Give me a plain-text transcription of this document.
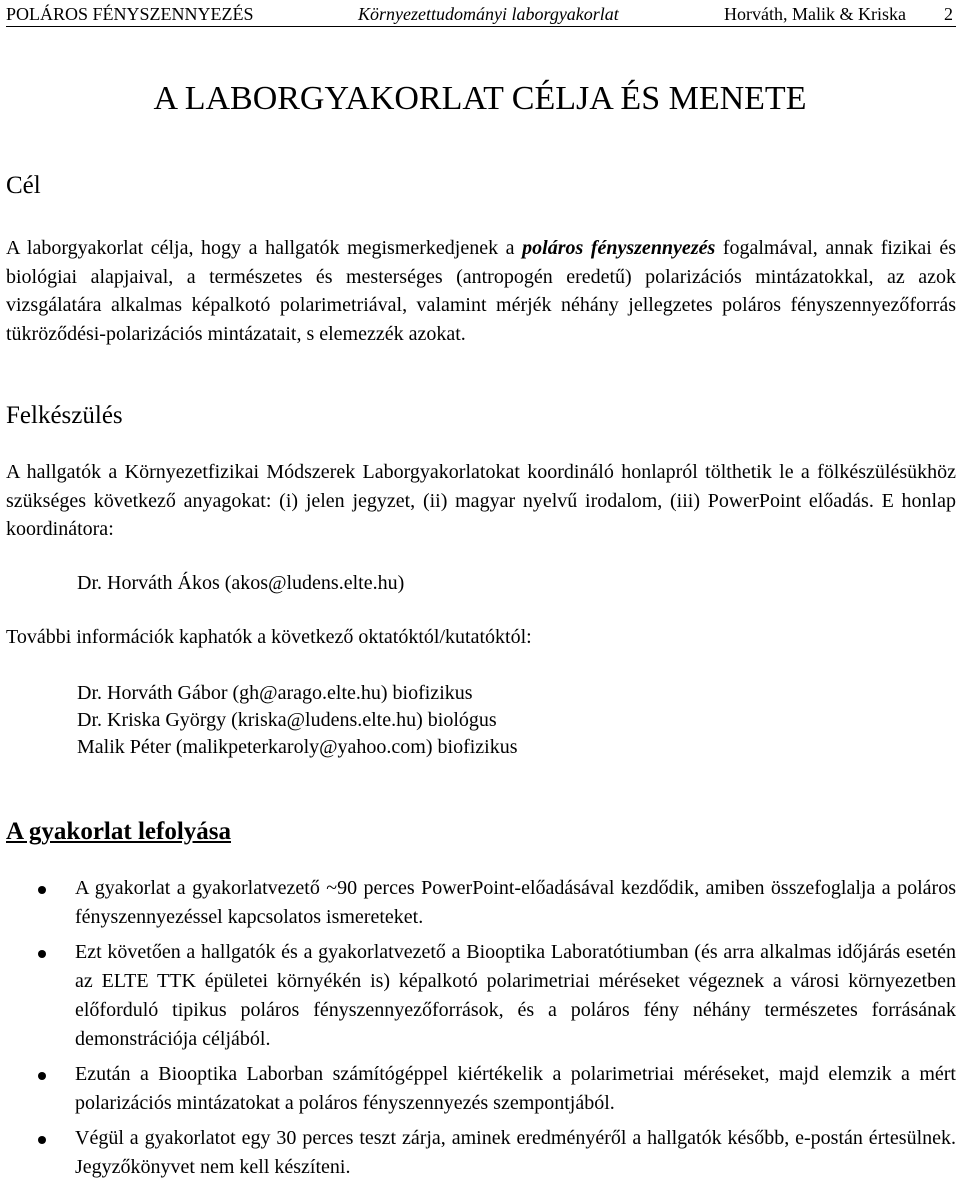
POLÁROS FÉNYSZENNYEZÉS	Környezettudományi laborgyakorlat	Horváth, Malik & Kriska 2
A LABORGYAKORLAT CÉLJA ÉS MENETE
Cél

A laborgyakorlat célja, hogy a hallgatók megismerkedjenek a poláros fényszennyezés fogalmával, annak fizikai és biológiai alapjaival, a természetes és mesterséges (antropogén eredetű) polarizációs mintázatokkal, az azok vizsgálatára alkalmas képalkotó polarimetriával, valamint mérjék néhány jellegzetes poláros fényszennyezőforrás tükröződési-polarizációs mintázatait, s elemezzék azokat.

Felkészülés

A hallgatók a Környezetfizikai Módszerek Laborgyakorlatokat koordináló honlapról tölthetik le a fölkészülésükhöz szükséges következő anyagokat: (i) jelen jegyzet, (ii) magyar nyelvű irodalom, (iii) PowerPoint előadás. E honlap koordinátora:

Dr. Horváth Ákos (akos@ludens.elte.hu)
További információk kaphatók a következő oktatóktól/kutatóktól:
Dr. Horváth Gábor (gh@arago.elte.hu) biofizikus
Dr. Kriska György (kriska@ludens.elte.hu) biológus
Malik Péter (malikpeterkaroly@yahoo.com) biofizikus
A gyakorlat lefolyása
A gyakorlat a gyakorlatvezető ~90 perces PowerPoint-előadásával kezdődik, amiben összefoglalja a poláros fényszennyezéssel kapcsolatos ismereteket.
Ezt követően a hallgatók és a gyakorlatvezető a Biooptika Laboratótiumban (és arra alkalmas időjárás esetén az ELTE TTK épületei környékén is) képalkotó polarimetriai méréseket végeznek a városi környezetben előforduló tipikus poláros fényszennyezőforrások, és a poláros fény néhány természetes forrásának demonstrációja céljából.
Ezután a Biooptika Laborban számítógéppel kiértékelik a polarimetriai méréseket, majd elemzik a mért polarizációs mintázatokat a poláros fényszennyezés szempontjából.
Végül a gyakorlatot egy 30 perces teszt zárja, aminek eredményéről a hallgatók később, e-postán értesülnek. Jegyzőkönyvet nem kell készíteni.
